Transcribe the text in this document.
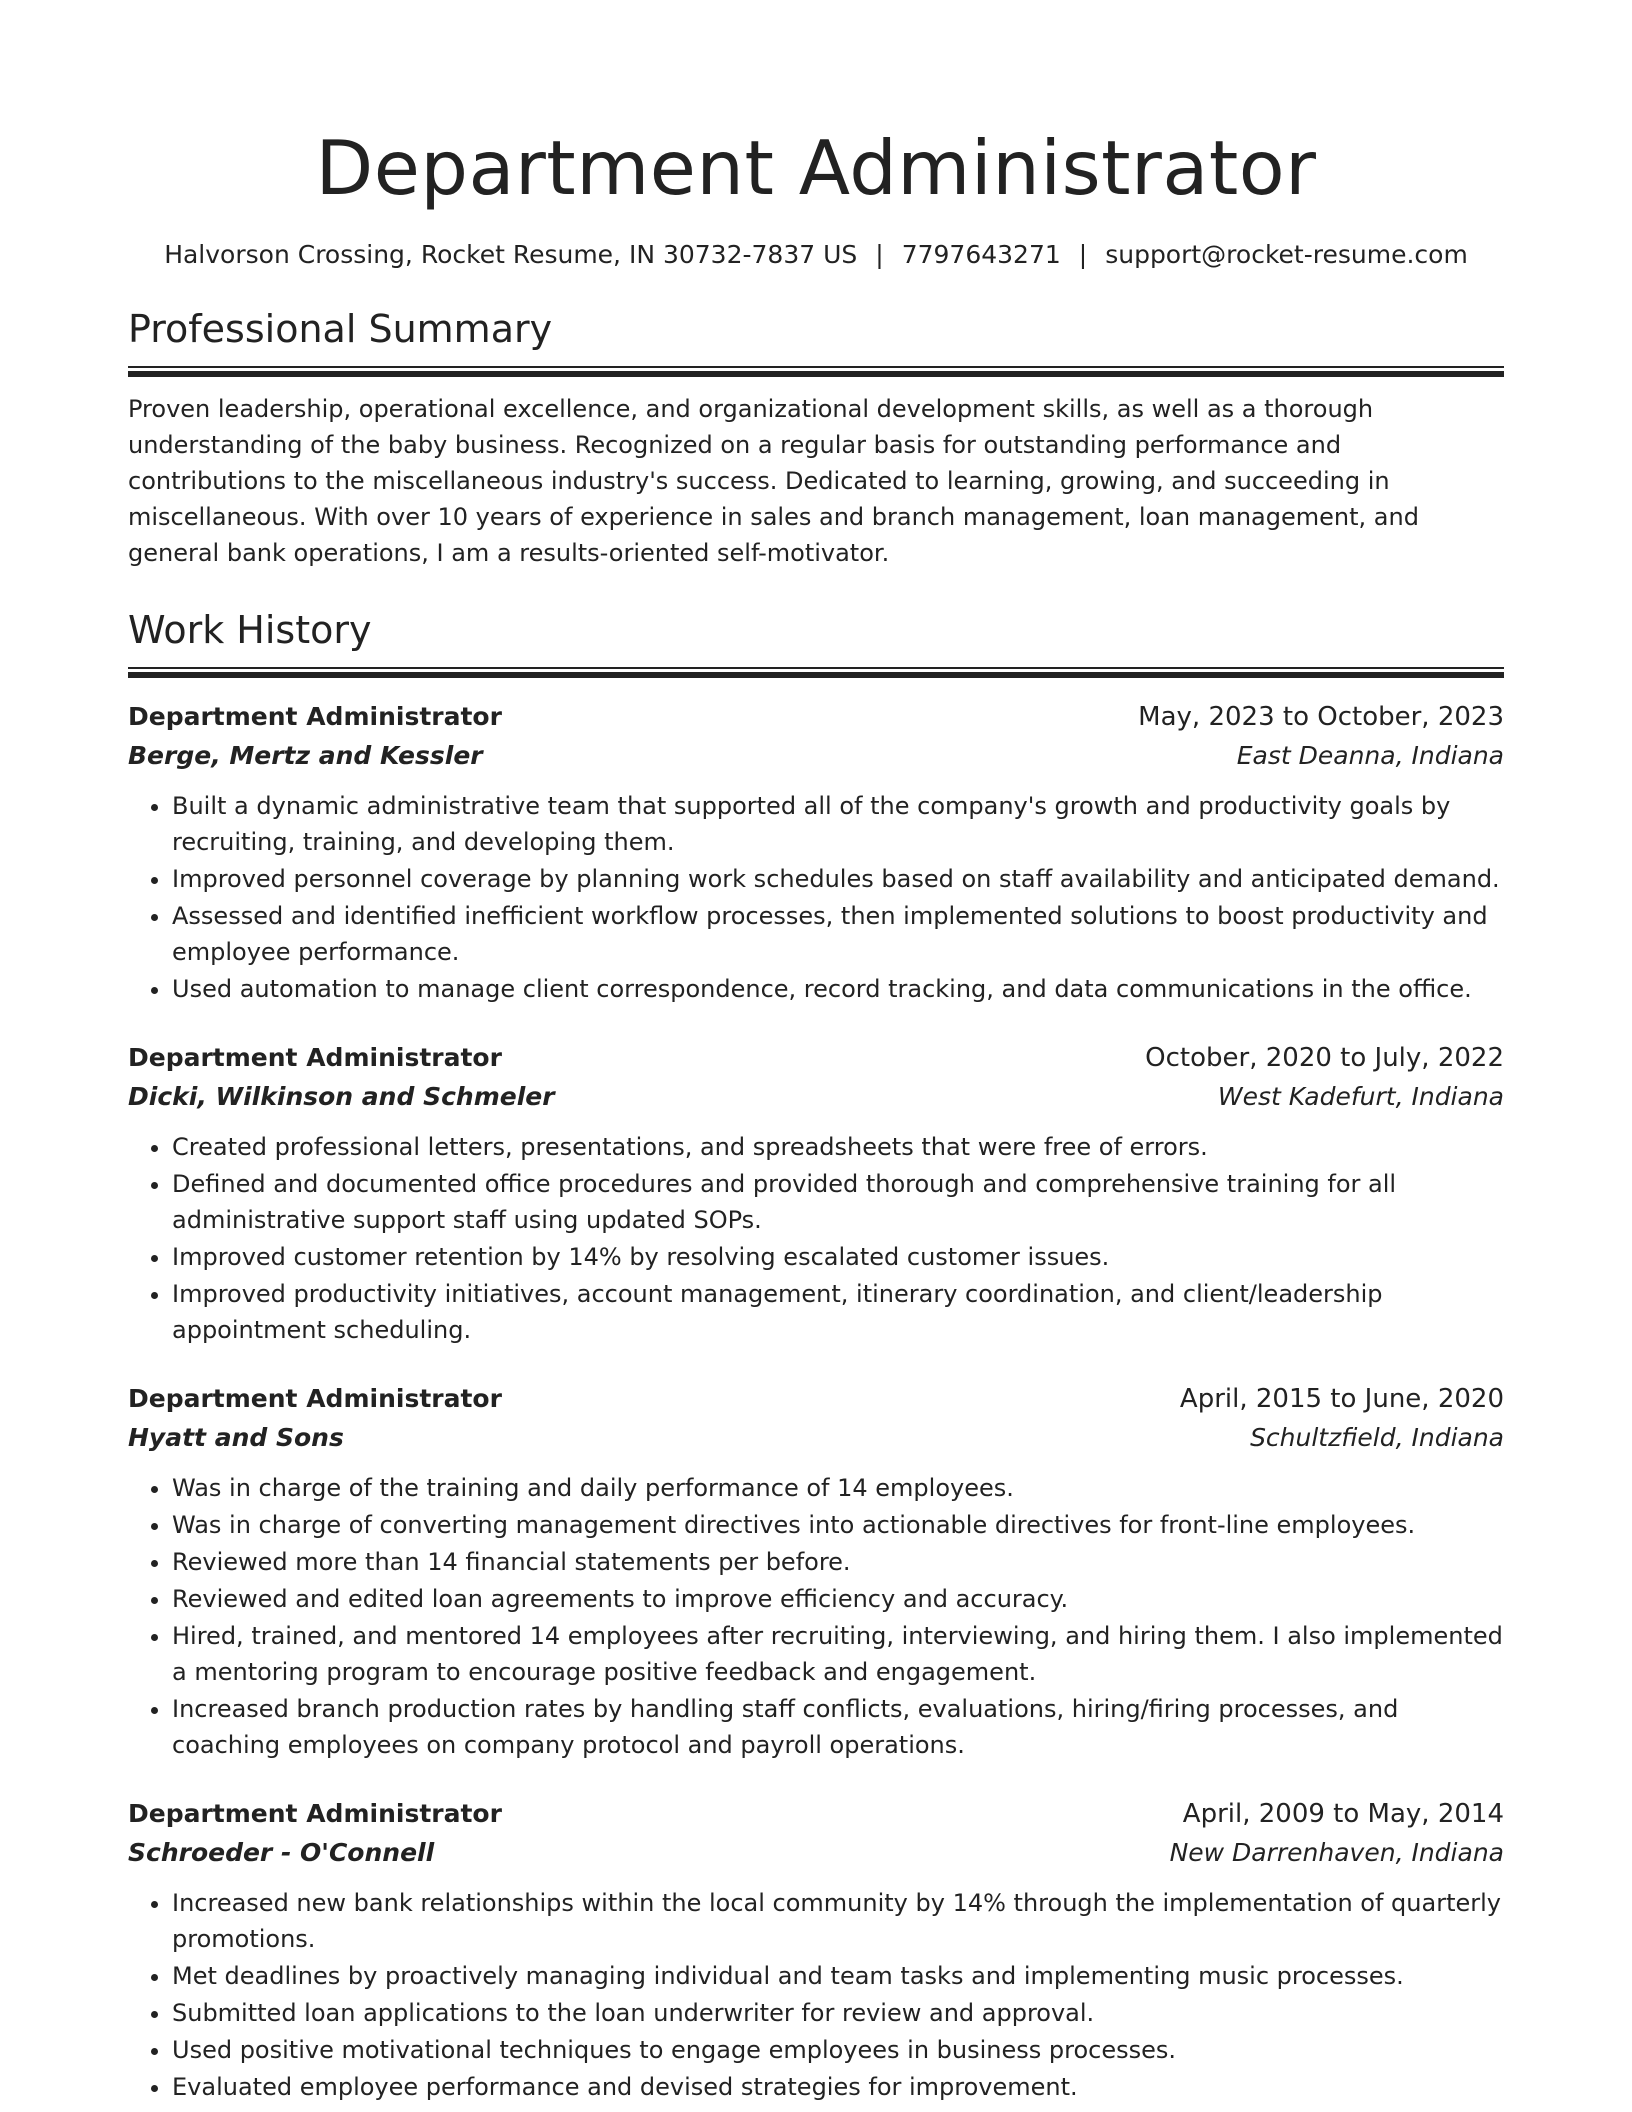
Department Administrator
Halvorson Crossing, Rocket Resume, IN 30732-7837 US | 7797643271 | support@rocket-resume.com
Professional Summary

Proven leadership, operational excellence, and organizational development skills, as well as a thorough understanding of the baby business. Recognized on a regular basis for outstanding performance and contributions to the miscellaneous industry's success. Dedicated to learning, growing, and succeeding in miscellaneous. With over 10 years of experience in sales and branch management, loan management, and general bank operations, I am a results-oriented self-motivator.

Work History
Department Administrator	May, 2023 to October, 2023
Berge, Mertz and Kessler	East Deanna, Indiana
• Built a dynamic administrative team that supported all of the company's growth and productivity goals by recruiting, training, and developing them.
• Improved personnel coverage by planning work schedules based on staff availability and anticipated demand.
• Assessed and identified inefficient workflow processes, then implemented solutions to boost productivity and employee performance.
• Used automation to manage client correspondence, record tracking, and data communications in the office.
Department Administrator	October, 2020 to July, 2022
Dicki, Wilkinson and Schmeler	West Kadefurt, Indiana
• Created professional letters, presentations, and spreadsheets that were free of errors.
• Defined and documented office procedures and provided thorough and comprehensive training for all administrative support staff using updated SOPs.
• Improved customer retention by 14% by resolving escalated customer issues.
• Improved productivity initiatives, account management, itinerary coordination, and client/leadership appointment scheduling.
Department Administrator	April, 2015 to June, 2020
Hyatt and Sons	Schultzfield, Indiana
• Was in charge of the training and daily performance of 14 employees.
• Was in charge of converting management directives into actionable directives for front-line employees.
• Reviewed more than 14 financial statements per before.
• Reviewed and edited loan agreements to improve efficiency and accuracy.
• Hired, trained, and mentored 14 employees after recruiting, interviewing, and hiring them. I also implemented a mentoring program to encourage positive feedback and engagement.
• Increased branch production rates by handling staff conflicts, evaluations, hiring/firing processes, and coaching employees on company protocol and payroll operations.
Department Administrator	April, 2009 to May, 2014
Schroeder - O'Connell	New Darrenhaven, Indiana
• Increased new bank relationships within the local community by 14% through the implementation of quarterly promotions.
• Met deadlines by proactively managing individual and team tasks and implementing music processes.
• Submitted loan applications to the loan underwriter for review and approval.
• Used positive motivational techniques to engage employees in business processes.
• Evaluated employee performance and devised strategies for improvement.
